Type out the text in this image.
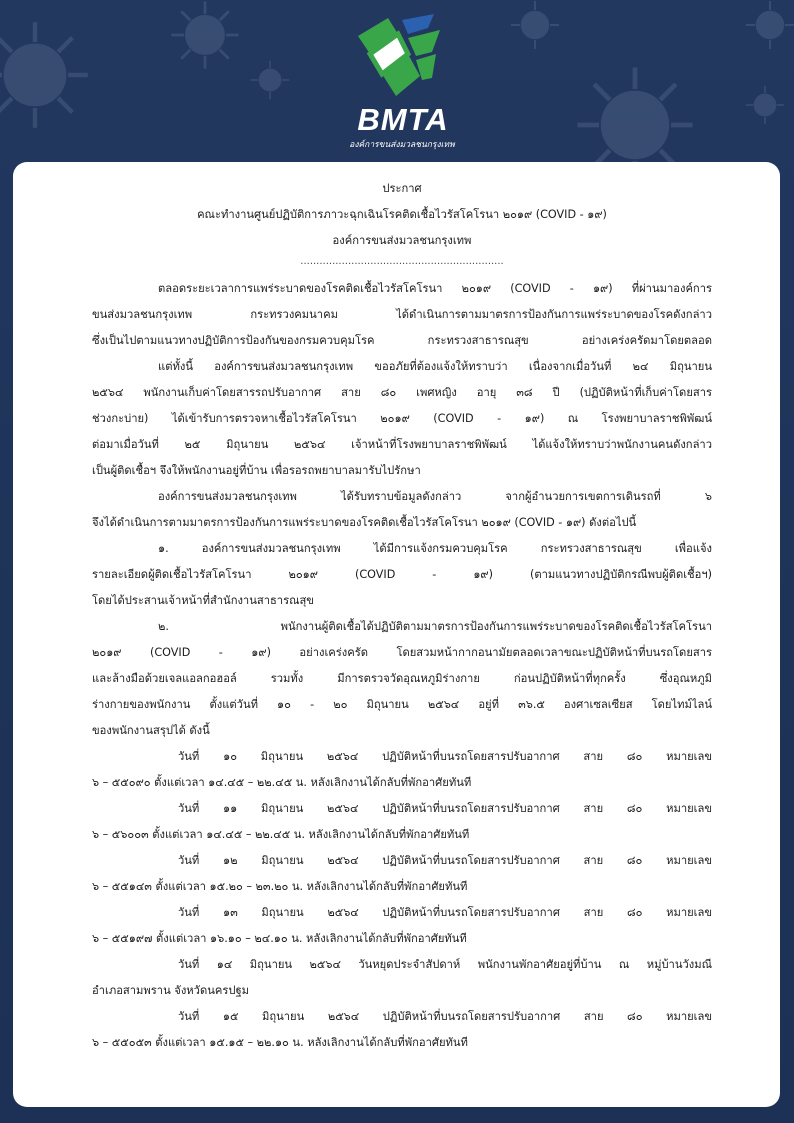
BMTA
องค์การขนส่งมวลชนกรุงเทพ
ประกาศ
คณะทำงานศูนย์ปฏิบัติการภาวะฉุกเฉินโรคติดเชื้อไวรัสโคโรนา ๒๐๑๙ (COVID - ๑๙)
องค์การขนส่งมวลชนกรุงเทพ
................................................................
ตลอดระยะเวลาการแพร่ระบาดของโรคติดเชื้อไวรัสโคโรนา ๒๐๑๙ (COVID - ๑๙) ที่ผ่านมาองค์การ
ขนส่งมวลชนกรุงเทพ กระทรวงคมนาคม ได้ดำเนินการตามมาตรการป้องกันการแพร่ระบาดของโรคดังกล่าว
ซึ่งเป็นไปตามแนวทางปฏิบัติการป้องกันของกรมควบคุมโรค กระทรวงสาธารณสุข อย่างเคร่งครัดมาโดยตลอด
แต่ทั้งนี้ องค์การขนส่งมวลชนกรุงเทพ ขออภัยที่ต้องแจ้งให้ทราบว่า เนื่องจากเมื่อวันที่ ๒๔ มิถุนายน
๒๕๖๔ พนักงานเก็บค่าโดยสารรถปรับอากาศ สาย ๘๐ เพศหญิง อายุ ๓๘ ปี (ปฏิบัติหน้าที่เก็บค่าโดยสาร
ช่วงกะบ่าย) ได้เข้ารับการตรวจหาเชื้อไวรัสโคโรนา ๒๐๑๙ (COVID - ๑๙) ณ โรงพยาบาลราชพิพัฒน์
ต่อมาเมื่อวันที่ ๒๕ มิถุนายน ๒๕๖๔ เจ้าหน้าที่โรงพยาบาลราชพิพัฒน์ ได้แจ้งให้ทราบว่าพนักงานคนดังกล่าว
เป็นผู้ติดเชื้อฯ จึงให้พนักงานอยู่ที่บ้าน เพื่อรอรถพยาบาลมารับไปรักษา
องค์การขนส่งมวลชนกรุงเทพ ได้รับทราบข้อมูลดังกล่าว จากผู้อำนวยการเขตการเดินรถที่ ๖
จึงได้ดำเนินการตามมาตรการป้องกันการแพร่ระบาดของโรคติดเชื้อไวรัสโคโรนา ๒๐๑๙ (COVID - ๑๙) ดังต่อไปนี้
๑. องค์การขนส่งมวลชนกรุงเทพ ได้มีการแจ้งกรมควบคุมโรค กระทรวงสาธารณสุข เพื่อแจ้ง
รายละเอียดผู้ติดเชื้อไวรัสโคโรนา ๒๐๑๙ (COVID - ๑๙) (ตามแนวทางปฏิบัติกรณีพบผู้ติดเชื้อฯ)
โดยได้ประสานเจ้าหน้าที่สำนักงานสาธารณสุข
๒. พนักงานผู้ติดเชื้อได้ปฏิบัติตามมาตรการป้องกันการแพร่ระบาดของโรคติดเชื้อไวรัสโคโรนา
๒๐๑๙ (COVID - ๑๙) อย่างเคร่งครัด โดยสวมหน้ากากอนามัยตลอดเวลาขณะปฏิบัติหน้าที่บนรถโดยสาร
และล้างมือด้วยเจลแอลกอฮอล์ รวมทั้ง มีการตรวจวัดอุณหภูมิร่างกาย ก่อนปฏิบัติหน้าที่ทุกครั้ง ซึ่งอุณหภูมิ
ร่างกายของพนักงาน ตั้งแต่วันที่ ๑๐ - ๒๐ มิถุนายน ๒๕๖๔ อยู่ที่ ๓๖.๕ องศาเซลเซียส โดยไทม์ไลน์
ของพนักงานสรุปได้ ดังนี้
วันที่ ๑๐ มิถุนายน ๒๕๖๔ ปฏิบัติหน้าที่บนรถโดยสารปรับอากาศ สาย ๘๐ หมายเลข
๖ – ๕๕๐๙๐ ตั้งแต่เวลา ๑๔.๔๕ – ๒๒.๔๕ น. หลังเลิกงานได้กลับที่พักอาศัยทันที
วันที่ ๑๑ มิถุนายน ๒๕๖๔ ปฏิบัติหน้าที่บนรถโดยสารปรับอากาศ สาย ๘๐ หมายเลข
๖ – ๕๖๐๐๓ ตั้งแต่เวลา ๑๔.๔๕ – ๒๒.๔๕ น. หลังเลิกงานได้กลับที่พักอาศัยทันที
วันที่ ๑๒ มิถุนายน ๒๕๖๔ ปฏิบัติหน้าที่บนรถโดยสารปรับอากาศ สาย ๘๐ หมายเลข
๖ – ๕๕๑๔๓ ตั้งแต่เวลา ๑๕.๒๐ – ๒๓.๒๐ น. หลังเลิกงานได้กลับที่พักอาศัยทันที
วันที่ ๑๓ มิถุนายน ๒๕๖๔ ปฏิบัติหน้าที่บนรถโดยสารปรับอากาศ สาย ๘๐ หมายเลข
๖ – ๕๕๑๙๗ ตั้งแต่เวลา ๑๖.๑๐ – ๒๔.๑๐ น. หลังเลิกงานได้กลับที่พักอาศัยทันที
วันที่ ๑๔ มิถุนายน ๒๕๖๔ วันหยุดประจำสัปดาห์ พนักงานพักอาศัยอยู่ที่บ้าน ณ หมู่บ้านวังมณี
อำเภอสามพราน จังหวัดนครปฐม
วันที่ ๑๕ มิถุนายน ๒๕๖๔ ปฏิบัติหน้าที่บนรถโดยสารปรับอากาศ สาย ๘๐ หมายเลข
๖ – ๕๕๐๕๓ ตั้งแต่เวลา ๑๕.๑๕ – ๒๒.๑๐ น. หลังเลิกงานได้กลับที่พักอาศัยทันที
